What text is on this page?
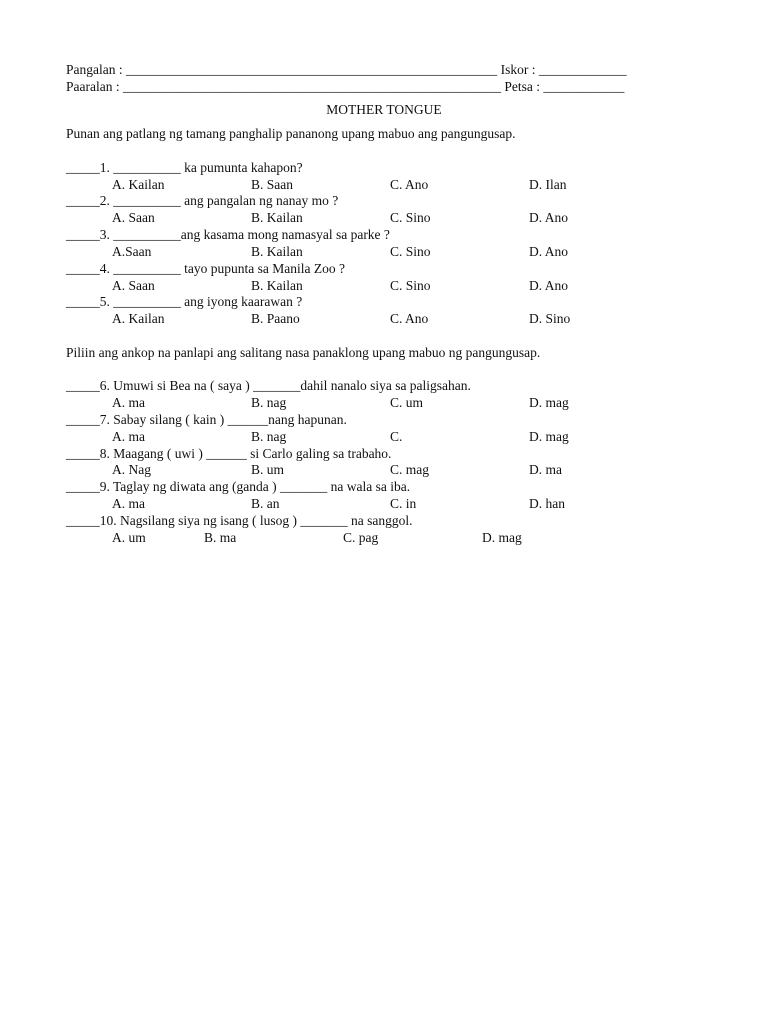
Pangalan : _______________________________________________________ Iskor : _____________
Paaralan : ________________________________________________________ Petsa : ____________
MOTHER TONGUE
Punan ang patlang ng tamang panghalip pananong upang mabuo ang pangungusap.
_____1. __________ ka pumunta kahapon?
A. Kailan	B. Saan	C. Ano	D. Ilan
_____2. __________ ang pangalan ng nanay mo ?
A. Saan	B. Kailan	C. Sino	D. Ano
_____3. __________ang kasama mong namasyal sa parke ?
A.Saan	B. Kailan	C. Sino	D. Ano
_____4. __________ tayo pupunta sa Manila Zoo ?
A. Saan	B. Kailan	C. Sino	D. Ano
_____5. __________ ang iyong kaarawan ?
A. Kailan	B. Paano	C. Ano	D. Sino
Piliin ang ankop na panlapi ang salitang nasa panaklong upang mabuo ng pangungusap.
_____6. Umuwi si Bea na ( saya ) _______dahil nanalo siya sa paligsahan.
A. ma	B. nag	C. um	D. mag
_____7. Sabay silang ( kain ) ______nang hapunan.
A. ma	B. nag	C.	D. mag
_____8. Maagang ( uwi ) ______ si Carlo galing sa trabaho.
A. Nag	B. um	C. mag	D. ma
_____9. Taglay ng diwata ang (ganda ) _______ na wala sa iba.
A. ma	B. an	C. in	D. han
_____10. Nagsilang siya ng isang ( lusog ) _______ na sanggol.
A. um	B. ma	C. pag	D. mag
